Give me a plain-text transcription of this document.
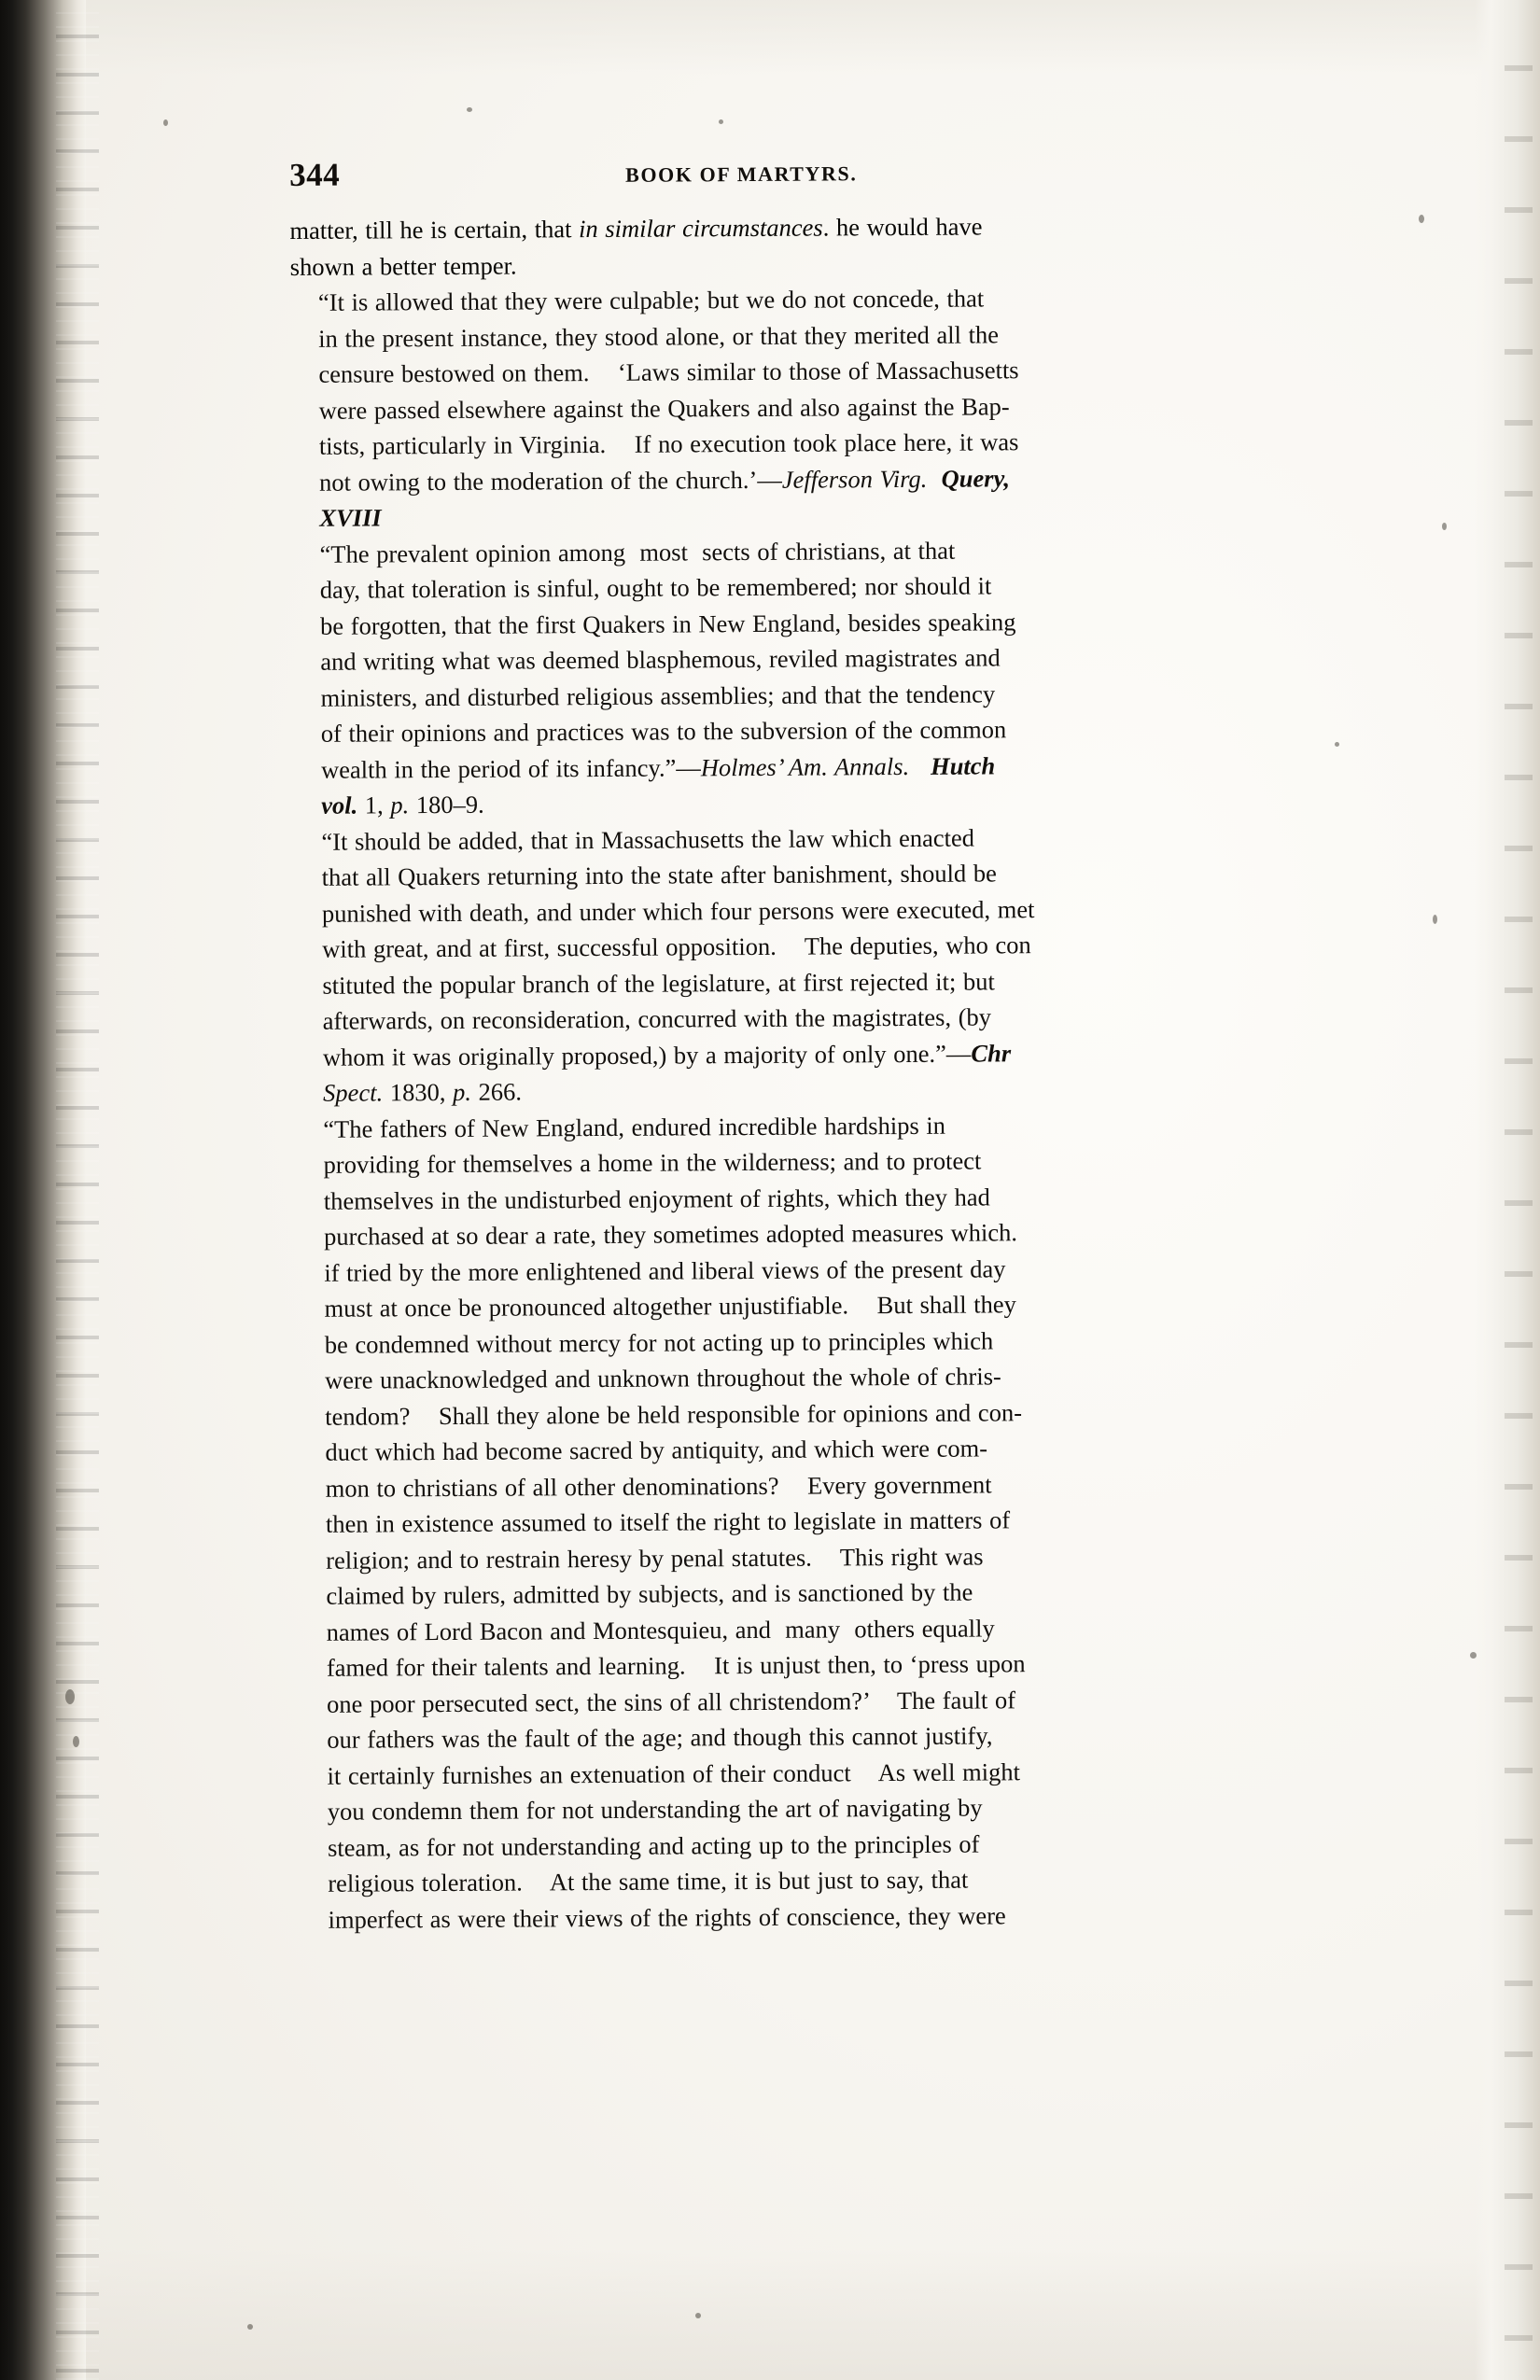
344	BOOK OF MARTYRS.

matter, till he is certain, that in similar circumstances. he would have
shown a better temper.

“It is allowed that they were culpable; but we do not concede, that
in the present instance, they stood alone, or that they merited all the
censure bestowed on them.    ‘Laws similar to those of Massachusetts
were passed elsewhere against the Quakers and also against the Bap-
tists, particularly in Virginia.    If no execution took place here, it was
not owing to the moderation of the church.’—Jefferson Virg. Query,
XVIII

“The prevalent opinion among  most  sects of christians, at that
day, that toleration is sinful, ought to be remembered; nor should it
be forgotten, that the first Quakers in New England, besides speaking
and writing what was deemed blasphemous, reviled magistrates and
ministers, and disturbed religious assemblies; and that the tendency
of their opinions and practices was to the subversion of the common
wealth in the period of its infancy.”—Holmes’ Am. Annals. Hutch
vol. 1, p. 180–9.

“It should be added, that in Massachusetts the law which enacted
that all Quakers returning into the state after banishment, should be
punished with death, and under which four persons were executed, met
with great, and at first, successful opposition.    The deputies, who con
stituted the popular branch of the legislature, at first rejected it; but
afterwards, on reconsideration, concurred with the magistrates, (by
whom it was originally proposed,) by a majority of only one.”—Chr
Spect. 1830, p. 266.

“The fathers of New England, endured incredible hardships in
providing for themselves a home in the wilderness; and to protect
themselves in the undisturbed enjoyment of rights, which they had
purchased at so dear a rate, they sometimes adopted measures which.
if tried by the more enlightened and liberal views of the present day
must at once be pronounced altogether unjustifiable.    But shall they
be condemned without mercy for not acting up to principles which
were unacknowledged and unknown throughout the whole of chris-
tendom?    Shall they alone be held responsible for opinions and con-
duct which had become sacred by antiquity, and which were com-
mon to christians of all other denominations?    Every government
then in existence assumed to itself the right to legislate in matters of
religion; and to restrain heresy by penal statutes.    This right was
claimed by rulers, admitted by subjects, and is sanctioned by the
names of Lord Bacon and Montesquieu, and  many  others equally
famed for their talents and learning.    It is unjust then, to ‘press upon
one poor persecuted sect, the sins of all christendom?’    The fault of
our fathers was the fault of the age; and though this cannot justify,
it certainly furnishes an extenuation of their conduct    As well might
you condemn them for not understanding the art of navigating by
steam, as for not understanding and acting up to the principles of
religious toleration.    At the same time, it is but just to say, that
imperfect as were their views of the rights of conscience, they were
